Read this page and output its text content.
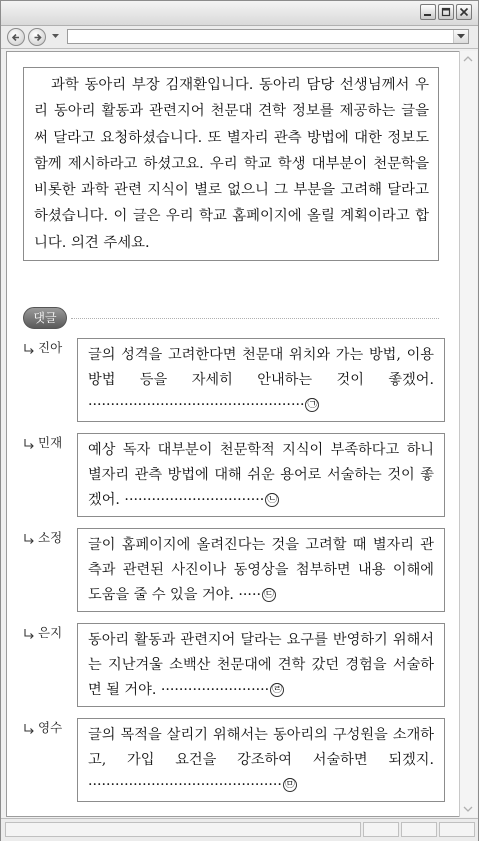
과학 동아리 부장 김재환입니다. 동아리 담당 선생님께서 우리 동아리 활동과 관련지어 천문대 견학 정보를 제공하는 글을 써 달라고 요청하셨습니다. 또 별자리 관측 방법에 대한 정보도 함께 제시하라고 하셨고요. 우리 학교 학생 대부분이 천문학을 비롯한 과학 관련 지식이 별로 없으니 그 부분을 고려해 달라고 하셨습니다. 이 글은 우리 학교 홈페이지에 올릴 계획이라고 합니다. 의견 주세요.

댓글
진아	글의 성격을 고려한다면 천문대 위치와 가는 방법, 이용 방법 등을 자세히 안내하는 것이 좋겠어. ················································ ㉠
민재	예상 독자 대부분이 천문학적 지식이 부족하다고 하니 별자리 관측 방법에 대해 쉬운 용어로 서술하는 것이 좋겠어. ······························· ㉡
소정	글이 홈페이지에 올려진다는 것을 고려할 때 별자리 관측과 관련된 사진이나 동영상을 첨부하면 내용 이해에 도움을 줄 수 있을 거야. ····· ㉢
은지	동아리 활동과 관련지어 달라는 요구를 반영하기 위해서는 지난겨울 소백산 천문대에 견학 갔던 경험을 서술하면 될 거야. ························ ㉣
영수	글의 목적을 살리기 위해서는 동아리의 구성원을 소개하고, 가입 요건을 강조하여 서술하면 되겠지. ··········································· ㉤
